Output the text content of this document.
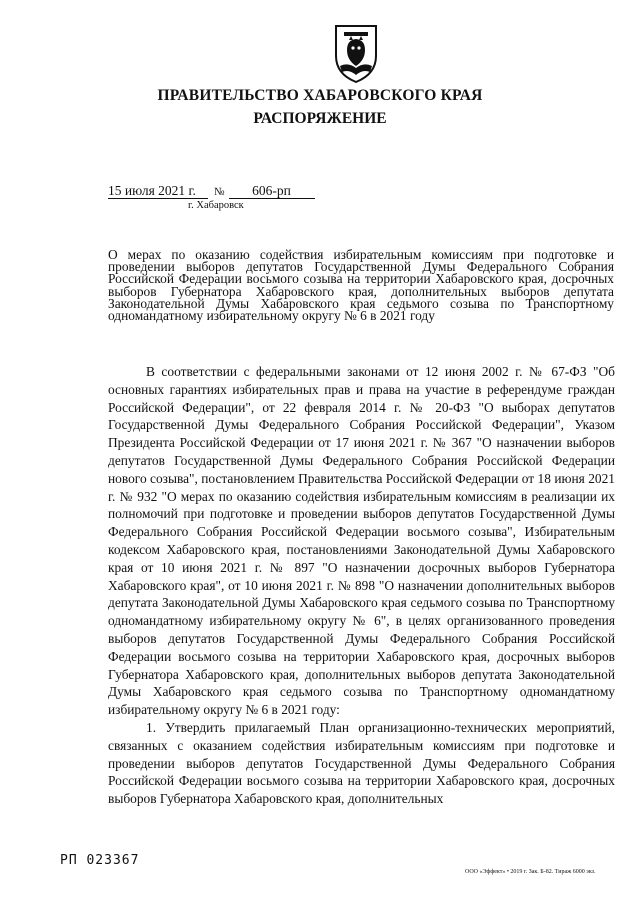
ПРАВИТЕЛЬСТВО ХАБАРОВСКОГО КРАЯ
РАСПОРЯЖЕНИЕ
15 июля 2021 г. № 606-рп
г. Хабаровск
О мерах по оказанию содействия избирательным комиссиям при подготовке и проведении выборов депутатов Государственной Думы Федерального Собрания Российской Федерации восьмого созыва на территории Хабаровского края, досрочных выборов Губернатора Хабаровского края, дополнительных выборов депутата Законодательной Думы Хабаровского края седьмого созыва по Транспортному одномандатному избирательному округу № 6 в 2021 году

В соответствии с федеральными законами от 12 июня 2002 г. № 67-ФЗ "Об основных гарантиях избирательных прав и права на участие в референдуме граждан Российской Федерации", от 22 февраля 2014 г. № 20-ФЗ "О выборах депутатов Государственной Думы Федерального Собрания Российской Федерации", Указом Президента Российской Федерации от 17 июня 2021 г. № 367 "О назначении выборов депутатов Государственной Думы Федерального Собрания Российской Федерации нового созыва", постановлением Правительства Российской Федерации от 18 июня 2021 г. № 932 "О мерах по оказанию содействия избирательным комиссиям в реализации их полномочий при подготовке и проведении выборов депутатов Государственной Думы Федерального Собрания Российской Федерации восьмого созыва", Избирательным кодексом Хабаровского края, постановлениями Законодательной Думы Хабаровского края от 10 июня 2021 г. № 897 "О назначении досрочных выборов Губернатора Хабаровского края", от 10 июня 2021 г. № 898 "О назначении дополнительных выборов депутата Законодательной Думы Хабаровского края седьмого созыва по Транспортному одномандатному избирательному округу № 6", в целях организованного проведения выборов депутатов Государственной Думы Федерального Собрания Российской Федерации восьмого созыва на территории Хабаровского края, досрочных выборов Губернатора Хабаровского края, дополнительных выборов депутата Законодательной Думы Хабаровского края седьмого созыва по Транспортному одномандатному избирательному округу № 6 в 2021 году:

1. Утвердить прилагаемый План организационно-технических мероприятий, связанных с оказанием содействия избирательным комиссиям при подготовке и проведении выборов депутатов Государственной Думы Федерального Собрания Российской Федерации восьмого созыва на территории Хабаровского края, досрочных выборов Губернатора Хабаровского края, дополнительных

РП 023367
ООО «Эффект» • 2019 г. Зак. Б-82. Тираж 6000 экз.
